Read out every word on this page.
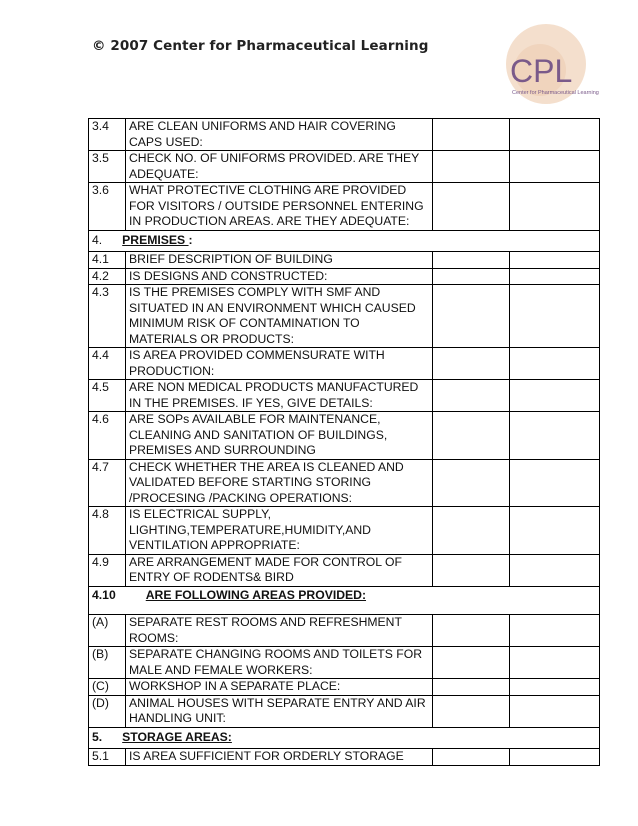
© 2007 Center for Pharmaceutical Learning
CPL
Center for Pharmaceutical Learning
3.4	ARE CLEAN UNIFORMS AND HAIR COVERING CAPS USED:		
3.5	CHECK NO. OF UNIFORMS PROVIDED. ARE THEY ADEQUATE:		
3.6	WHAT PROTECTIVE CLOTHING ARE PROVIDED FOR VISITORS / OUTSIDE PERSONNEL ENTERING IN PRODUCTION AREAS. ARE THEY ADEQUATE:		
4. PREMISES :			
4.1	BRIEF DESCRIPTION OF BUILDING		
4.2	IS DESIGNS AND CONSTRUCTED:		
4.3	IS THE PREMISES COMPLY WITH SMF AND SITUATED IN AN ENVIRONMENT WHICH CAUSED MINIMUM RISK OF CONTAMINATION TO MATERIALS OR PRODUCTS:		
4.4	IS AREA PROVIDED COMMENSURATE WITH PRODUCTION:		
4.5	ARE NON MEDICAL PRODUCTS MANUFACTURED IN THE PREMISES. IF YES, GIVE DETAILS:		
4.6	ARE SOPs AVAILABLE FOR MAINTENANCE, CLEANING AND SANITATION OF BUILDINGS, PREMISES AND SURROUNDING		
4.7	CHECK WHETHER THE AREA IS CLEANED AND VALIDATED BEFORE STARTING STORING /PROCESING /PACKING OPERATIONS:		
4.8	IS ELECTRICAL SUPPLY, LIGHTING,TEMPERATURE,HUMIDITY,AND VENTILATION APPROPRIATE:		
4.9	ARE ARRANGEMENT MADE FOR CONTROL OF ENTRY OF RODENTS& BIRD		
4.10 ARE FOLLOWING AREAS PROVIDED:			
(A)	SEPARATE REST ROOMS AND REFRESHMENT ROOMS:		
(B)	SEPARATE CHANGING ROOMS AND TOILETS FOR MALE AND FEMALE WORKERS:		
(C)	WORKSHOP IN A SEPARATE PLACE:		
(D)	ANIMAL HOUSES WITH SEPARATE ENTRY AND AIR HANDLING UNIT:		
5. STORAGE AREAS:			
5.1	IS AREA SUFFICIENT FOR ORDERLY STORAGE		
